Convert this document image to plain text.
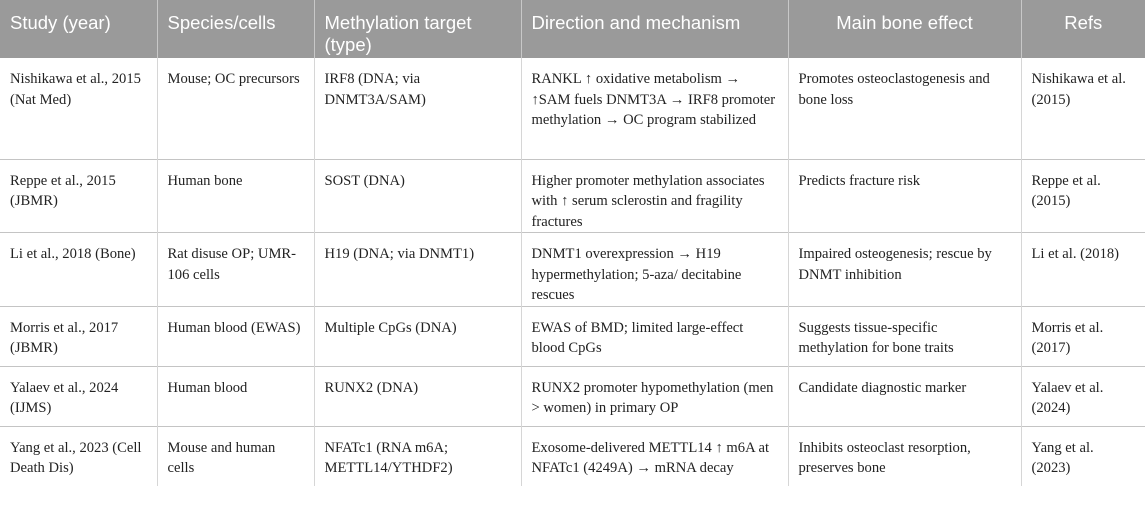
Study (year)	Species/cells	Methylation target (type)	Direction and mechanism	Main bone effect	Refs
Nishikawa et al., 2015 (Nat Med)	Mouse; OC precursors	IRF8 (DNA; via DNMT3A/SAM)	RANKL ↑ oxidative metabolism → ↑SAM fuels DNMT3A → IRF8 promoter methylation → OC program stabilized	Promotes osteoclastogenesis and bone loss	Nishikawa et al. (2015)
Reppe et al., 2015 (JBMR)	Human bone	SOST (DNA)	Higher promoter methylation associates with ↑ serum sclerostin and fragility fractures	Predicts fracture risk	Reppe et al. (2015)
Li et al., 2018 (Bone)	Rat disuse OP; UMR-106 cells	H19 (DNA; via DNMT1)	DNMT1 overexpression → H19 hypermethylation; 5-aza/ decitabine rescues	Impaired osteogenesis; rescue by DNMT inhibition	Li et al. (2018)
Morris et al., 2017 (JBMR)	Human blood (EWAS)	Multiple CpGs (DNA)	EWAS of BMD; limited large-effect blood CpGs	Suggests tissue-specific methylation for bone traits	Morris et al. (2017)
Yalaev et al., 2024 (IJMS)	Human blood	RUNX2 (DNA)	RUNX2 promoter hypomethylation (men > women) in primary OP	Candidate diagnostic marker	Yalaev et al. (2024)
Yang et al., 2023 (Cell Death Dis)	Mouse and human cells	NFATc1 (RNA m6A; METTL14/YTHDF2)	Exosome-delivered METTL14 ↑ m6A at NFATc1 (4249A) → mRNA decay	Inhibits osteoclast resorption, preserves bone	Yang et al. (2023)
